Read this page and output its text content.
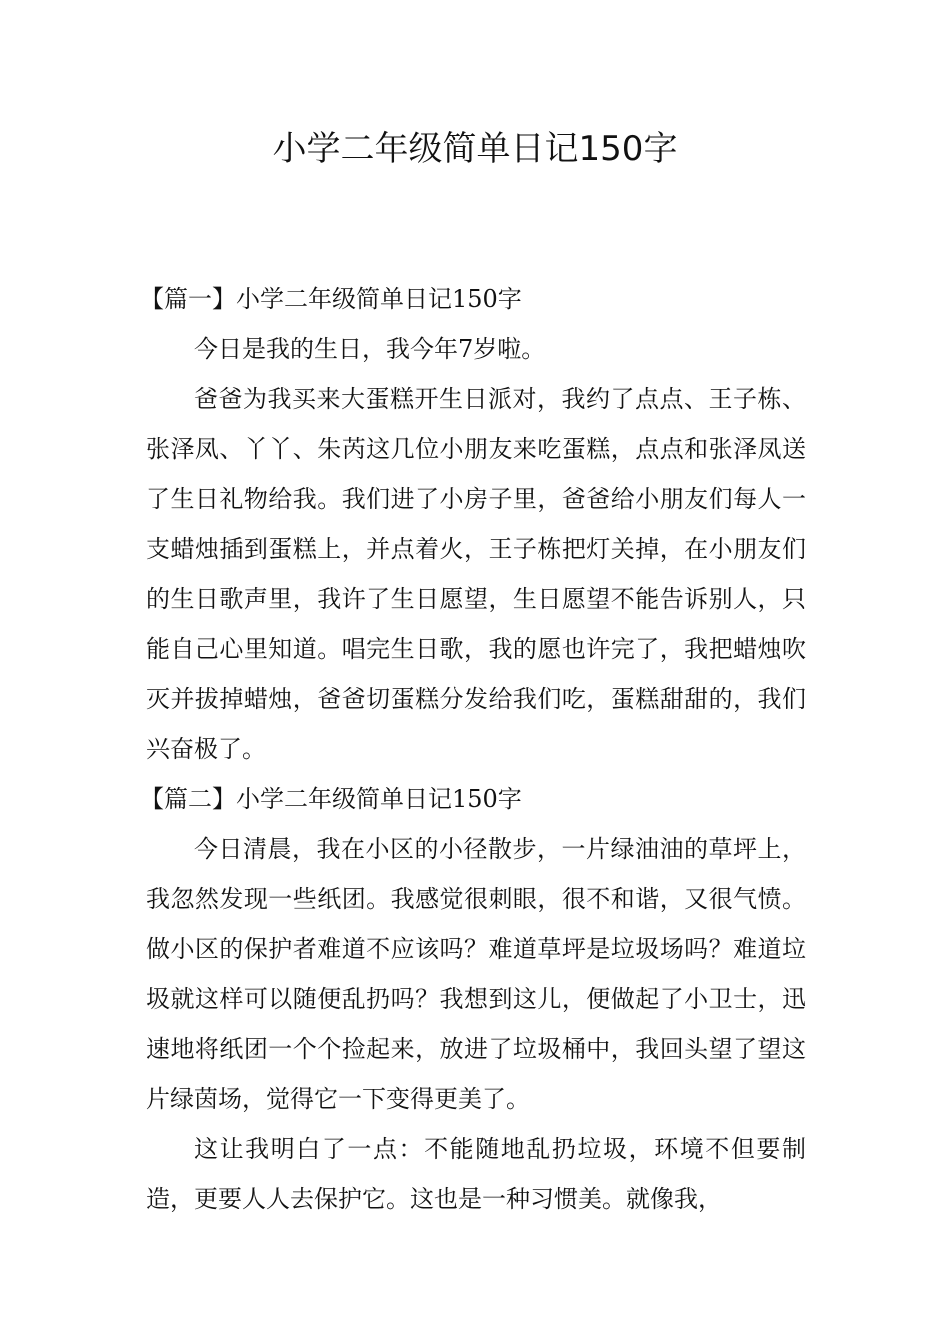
小学二年级简单日记150字

【篇一】小学二年级简单日记150字

今日是我的生日，我今年7岁啦。

爸爸为我买来大蛋糕开生日派对，我约了点点、王子栋、张泽凤、丫丫、朱芮这几位小朋友来吃蛋糕，点点和张泽凤送了生日礼物给我。我们进了小房子里，爸爸给小朋友们每人一支蜡烛插到蛋糕上，并点着火，王子栋把灯关掉，在小朋友们的生日歌声里，我许了生日愿望，生日愿望不能告诉别人，只能自己心里知道。唱完生日歌，我的愿也许完了，我把蜡烛吹灭并拔掉蜡烛，爸爸切蛋糕分发给我们吃，蛋糕甜甜的，我们兴奋极了。

【篇二】小学二年级简单日记150字

今日清晨，我在小区的小径散步，一片绿油油的草坪上，我忽然发现一些纸团。我感觉很刺眼，很不和谐，又很气愤。做小区的保护者难道不应该吗？难道草坪是垃圾场吗？难道垃圾就这样可以随便乱扔吗？我想到这儿，便做起了小卫士，迅速地将纸团一个个捡起来，放进了垃圾桶中，我回头望了望这片绿茵场，觉得它一下变得更美了。

这让我明白了一点：不能随地乱扔垃圾，环境不但要制造，更要人人去保护它。这也是一种习惯美。就像我，
